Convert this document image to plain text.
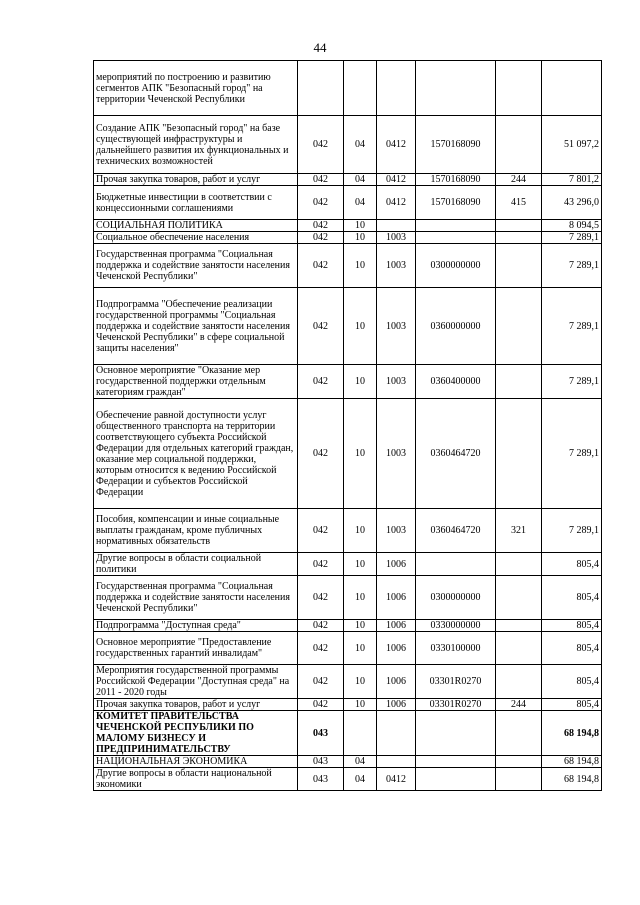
44
мероприятий по построению и развитию сегментов АПК "Безопасный город" на территории Чеченской Республики						
Создание АПК "Безопасный город" на базе существующей инфраструктуры и дальнейшего развития их функциональных и технических возможностей	042	04	0412	1570168090		51 097,2
Прочая закупка товаров, работ и услуг	042	04	0412	1570168090	244	7 801,2
Бюджетные инвестиции в соответствии с концессионными соглашениями	042	04	0412	1570168090	415	43 296,0
СОЦИАЛЬНАЯ ПОЛИТИКА	042	10				8 094,5
Социальное обеспечение населения	042	10	1003			7 289,1
Государственная программа "Социальная поддержка и содействие занятости населения Чеченской Республики"	042	10	1003	0300000000		7 289,1
Подпрограмма "Обеспечение реализации государственной программы "Социальная поддержка и содействие занятости населения Чеченской Республики" в сфере социальной защиты населения"	042	10	1003	0360000000		7 289,1
Основное мероприятие "Оказание мер государственной поддержки отдельным категориям граждан"	042	10	1003	0360400000		7 289,1
Обеспечение равной доступности услуг общественного транспорта на территории соответствующего субъекта Российской Федерации для отдельных категорий граждан, оказание мер социальной поддержки, которым относится к ведению Российской Федерации и субъектов Российской Федерации	042	10	1003	0360464720		7 289,1
Пособия, компенсации и иные социальные выплаты гражданам, кроме публичных нормативных обязательств	042	10	1003	0360464720	321	7 289,1
Другие вопросы в области социальной политики	042	10	1006			805,4
Государственная программа "Социальная поддержка и содействие занятости населения Чеченской Республики"	042	10	1006	0300000000		805,4
Подпрограмма "Доступная среда"	042	10	1006	0330000000		805,4
Основное мероприятие "Предоставление государственных гарантий инвалидам"	042	10	1006	0330100000		805,4
Мероприятия государственной программы Российской Федерации "Доступная среда" на 2011 - 2020 годы	042	10	1006	03301R0270		805,4
Прочая закупка товаров, работ и услуг	042	10	1006	03301R0270	244	805,4
КОМИТЕТ ПРАВИТЕЛЬСТВА ЧЕЧЕНСКОЙ РЕСПУБЛИКИ ПО МАЛОМУ БИЗНЕСУ И ПРЕДПРИНИМАТЕЛЬСТВУ	043					68 194,8
НАЦИОНАЛЬНАЯ ЭКОНОМИКА	043	04				68 194,8
Другие вопросы в области национальной экономики	043	04	0412			68 194,8
